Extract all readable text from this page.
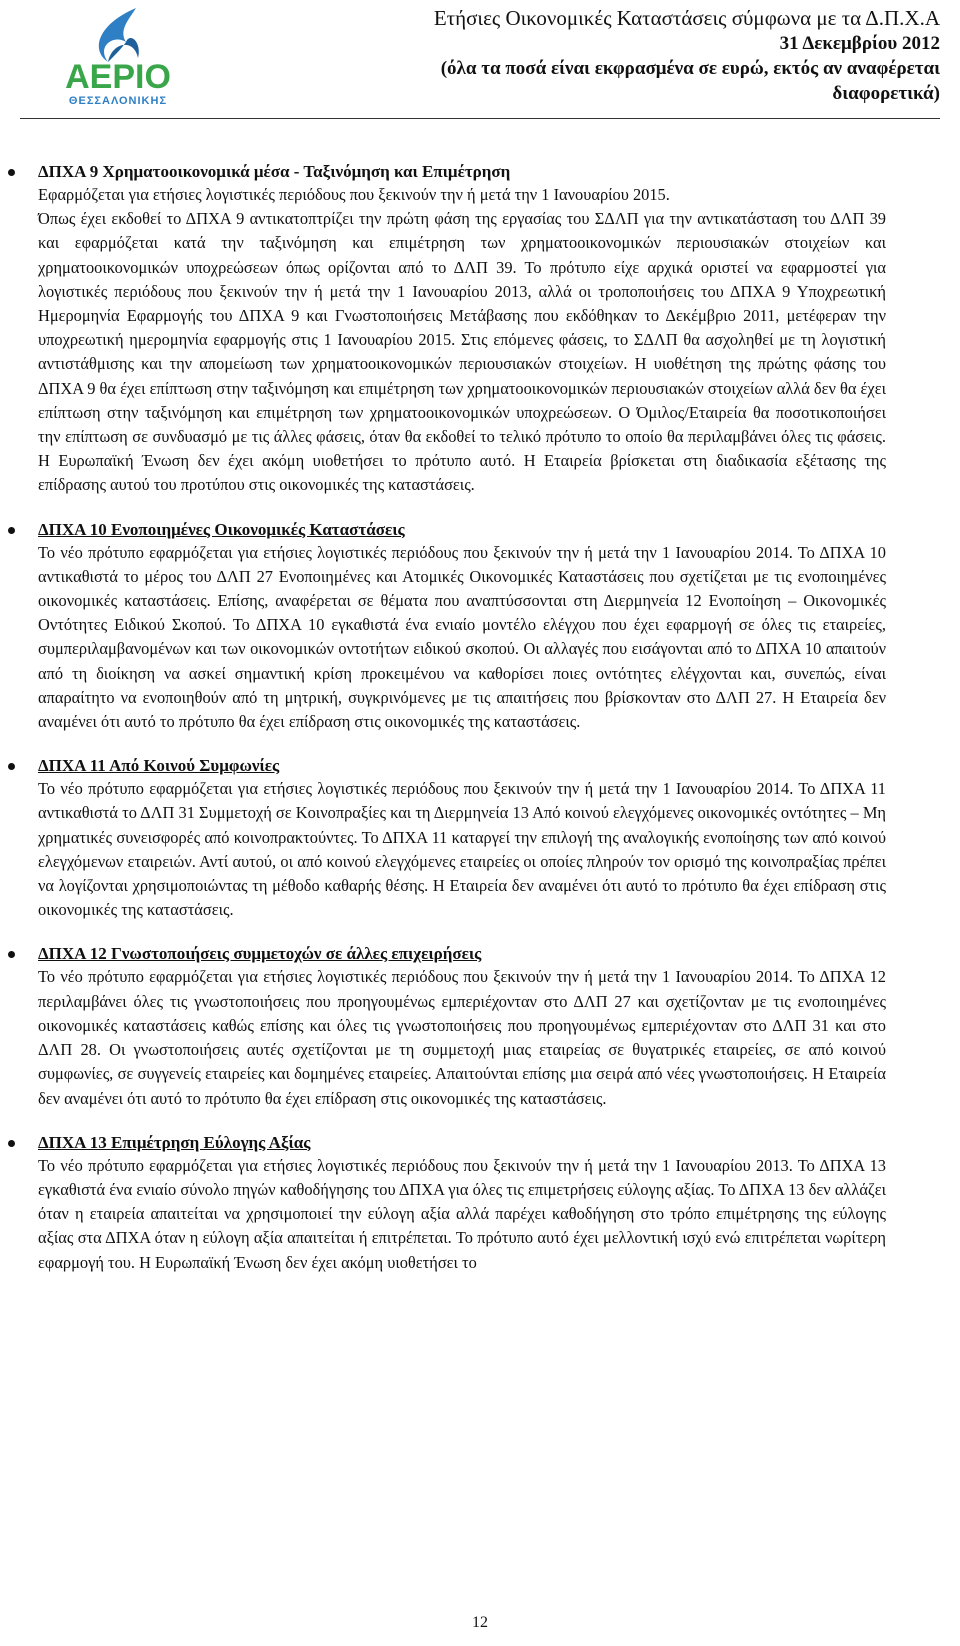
ΑΕΡΙΟ
ΘΕΣΣΑΛΟΝΙΚΗΣ
Ετήσιες Οικονομικές Καταστάσεις σύμφωνα με τα Δ.Π.Χ.Α
31 Δεκεμβρίου 2012
(όλα τα ποσά είναι εκφρασμένα σε ευρώ, εκτός αν αναφέρεται
διαφορετικά)

ΔΠΧΑ 9 Χρηματοοικονομικά μέσα - Ταξινόμηση και Επιμέτρηση

Εφαρμόζεται για ετήσιες λογιστικές περιόδους που ξεκινούν την ή μετά την 1 Ιανουαρίου 2015.

Όπως έχει εκδοθεί το ΔΠΧΑ 9 αντικατοπτρίζει την πρώτη φάση της εργασίας του ΣΔΛΠ για την αντικατάσταση του ΔΛΠ 39 και εφαρμόζεται κατά την ταξινόμηση και επιμέτρηση των χρηματοοικονομικών περιουσιακών στοιχείων και χρηματοοικονομικών υποχρεώσεων όπως ορίζονται από το ΔΛΠ 39. Το πρότυπο είχε αρχικά οριστεί να εφαρμοστεί για λογιστικές περιόδους που ξεκινούν την ή μετά την 1 Ιανουαρίου 2013, αλλά οι τροποποιήσεις του ΔΠΧΑ 9 Υποχρεωτική Ημερομηνία Εφαρμογής του ΔΠΧΑ 9 και Γνωστοποιήσεις Μετάβασης που εκδόθηκαν το Δεκέμβριο 2011, μετέφεραν την υποχρεωτική ημερομηνία εφαρμογής στις 1 Ιανουαρίου 2015. Στις επόμενες φάσεις, το ΣΔΛΠ θα ασχοληθεί με τη λογιστική αντιστάθμισης και την απομείωση των χρηματοοικονομικών περιουσιακών στοιχείων. Η υιοθέτηση της πρώτης φάσης του ΔΠΧΑ 9 θα έχει επίπτωση στην ταξινόμηση και επιμέτρηση των χρηματοοικονομικών περιουσιακών στοιχείων αλλά δεν θα έχει επίπτωση στην ταξινόμηση και επιμέτρηση των χρηματοοικονομικών υποχρεώσεων. Ο Όμιλος/Εταιρεία θα ποσοτικοποιήσει την επίπτωση σε συνδυασμό με τις άλλες φάσεις, όταν θα εκδοθεί το τελικό πρότυπο το οποίο θα περιλαμβάνει όλες τις φάσεις. Η Ευρωπαϊκή Ένωση δεν έχει ακόμη υιοθετήσει το πρότυπο αυτό. Η Εταιρεία βρίσκεται στη διαδικασία εξέτασης της επίδρασης αυτού του προτύπου στις οικονομικές της καταστάσεις.

ΔΠΧΑ 10 Ενοποιημένες Οικονομικές Καταστάσεις

Το νέο πρότυπο εφαρμόζεται για ετήσιες λογιστικές περιόδους που ξεκινούν την ή μετά την 1 Ιανουαρίου 2014. Το ΔΠΧΑ 10 αντικαθιστά το μέρος του ΔΛΠ 27 Ενοποιημένες και Ατομικές Οικονομικές Καταστάσεις που σχετίζεται με τις ενοποιημένες οικονομικές καταστάσεις. Επίσης, αναφέρεται σε θέματα που αναπτύσσονται στη Διερμηνεία 12 Ενοποίηση – Οικονομικές Οντότητες Ειδικού Σκοπού. Το ΔΠΧΑ 10 εγκαθιστά ένα ενιαίο μοντέλο ελέγχου που έχει εφαρμογή σε όλες τις εταιρείες, συμπεριλαμβανομένων και των οικονομικών οντοτήτων ειδικού σκοπού. Οι αλλαγές που εισάγονται από το ΔΠΧΑ 10 απαιτούν από τη διοίκηση να ασκεί σημαντική κρίση προκειμένου να καθορίσει ποιες οντότητες ελέγχονται και, συνεπώς, είναι απαραίτητο να ενοποιηθούν από τη μητρική, συγκρινόμενες με τις απαιτήσεις που βρίσκονταν στο ΔΛΠ 27. Η Εταιρεία δεν αναμένει ότι αυτό το πρότυπο θα έχει επίδραση στις οικονομικές της καταστάσεις.

ΔΠΧΑ 11 Από Κοινού Συμφωνίες

Το νέο πρότυπο εφαρμόζεται για ετήσιες λογιστικές περιόδους που ξεκινούν την ή μετά την 1 Ιανουαρίου 2014. Το ΔΠΧΑ 11 αντικαθιστά το ΔΛΠ 31 Συμμετοχή σε Κοινοπραξίες και τη Διερμηνεία 13 Από κοινού ελεγχόμενες οικονομικές οντότητες – Μη χρηματικές συνεισφορές από κοινοπρακτούντες. Το ΔΠΧΑ 11 καταργεί την επιλογή της αναλογικής ενοποίησης των από κοινού ελεγχόμενων εταιρειών. Αντί αυτού, οι από κοινού ελεγχόμενες εταιρείες οι οποίες πληρούν τον ορισμό της κοινοπραξίας πρέπει να λογίζονται χρησιμοποιώντας τη μέθοδο καθαρής θέσης. Η Εταιρεία δεν αναμένει ότι αυτό το πρότυπο θα έχει επίδραση στις οικονομικές της καταστάσεις.

ΔΠΧΑ 12 Γνωστοποιήσεις συμμετοχών σε άλλες επιχειρήσεις

Το νέο πρότυπο εφαρμόζεται για ετήσιες λογιστικές περιόδους που ξεκινούν την ή μετά την 1 Ιανουαρίου 2014. Το ΔΠΧΑ 12 περιλαμβάνει όλες τις γνωστοποιήσεις που προηγουμένως εμπεριέχονταν στο ΔΛΠ 27 και σχετίζονταν με τις ενοποιημένες οικονομικές καταστάσεις καθώς επίσης και όλες τις γνωστοποιήσεις που προηγουμένως εμπεριέχονταν στο ΔΛΠ 31 και στο ΔΛΠ 28. Οι γνωστοποιήσεις αυτές σχετίζονται με τη συμμετοχή μιας εταιρείας σε θυγατρικές εταιρείες, σε από κοινού συμφωνίες, σε συγγενείς εταιρείες και δομημένες εταιρείες. Απαιτούνται επίσης μια σειρά από νέες γνωστοποιήσεις. Η Εταιρεία δεν αναμένει ότι αυτό το πρότυπο θα έχει επίδραση στις οικονομικές της καταστάσεις.

ΔΠΧΑ 13 Επιμέτρηση Εύλογης Αξίας

Το νέο πρότυπο εφαρμόζεται για ετήσιες λογιστικές περιόδους που ξεκινούν την ή μετά την 1 Ιανουαρίου 2013. Το ΔΠΧΑ 13 εγκαθιστά ένα ενιαίο σύνολο πηγών καθοδήγησης του ΔΠΧΑ για όλες τις επιμετρήσεις εύλογης αξίας. Το ΔΠΧΑ 13 δεν αλλάζει όταν η εταιρεία απαιτείται να χρησιμοποιεί την εύλογη αξία αλλά παρέχει καθοδήγηση στο τρόπο επιμέτρησης της εύλογης αξίας στα ΔΠΧΑ όταν η εύλογη αξία απαιτείται ή επιτρέπεται. Το πρότυπο αυτό έχει μελλοντική ισχύ ενώ επιτρέπεται νωρίτερη εφαρμογή του. Η Ευρωπαϊκή Ένωση δεν έχει ακόμη υιοθετήσει το

12
